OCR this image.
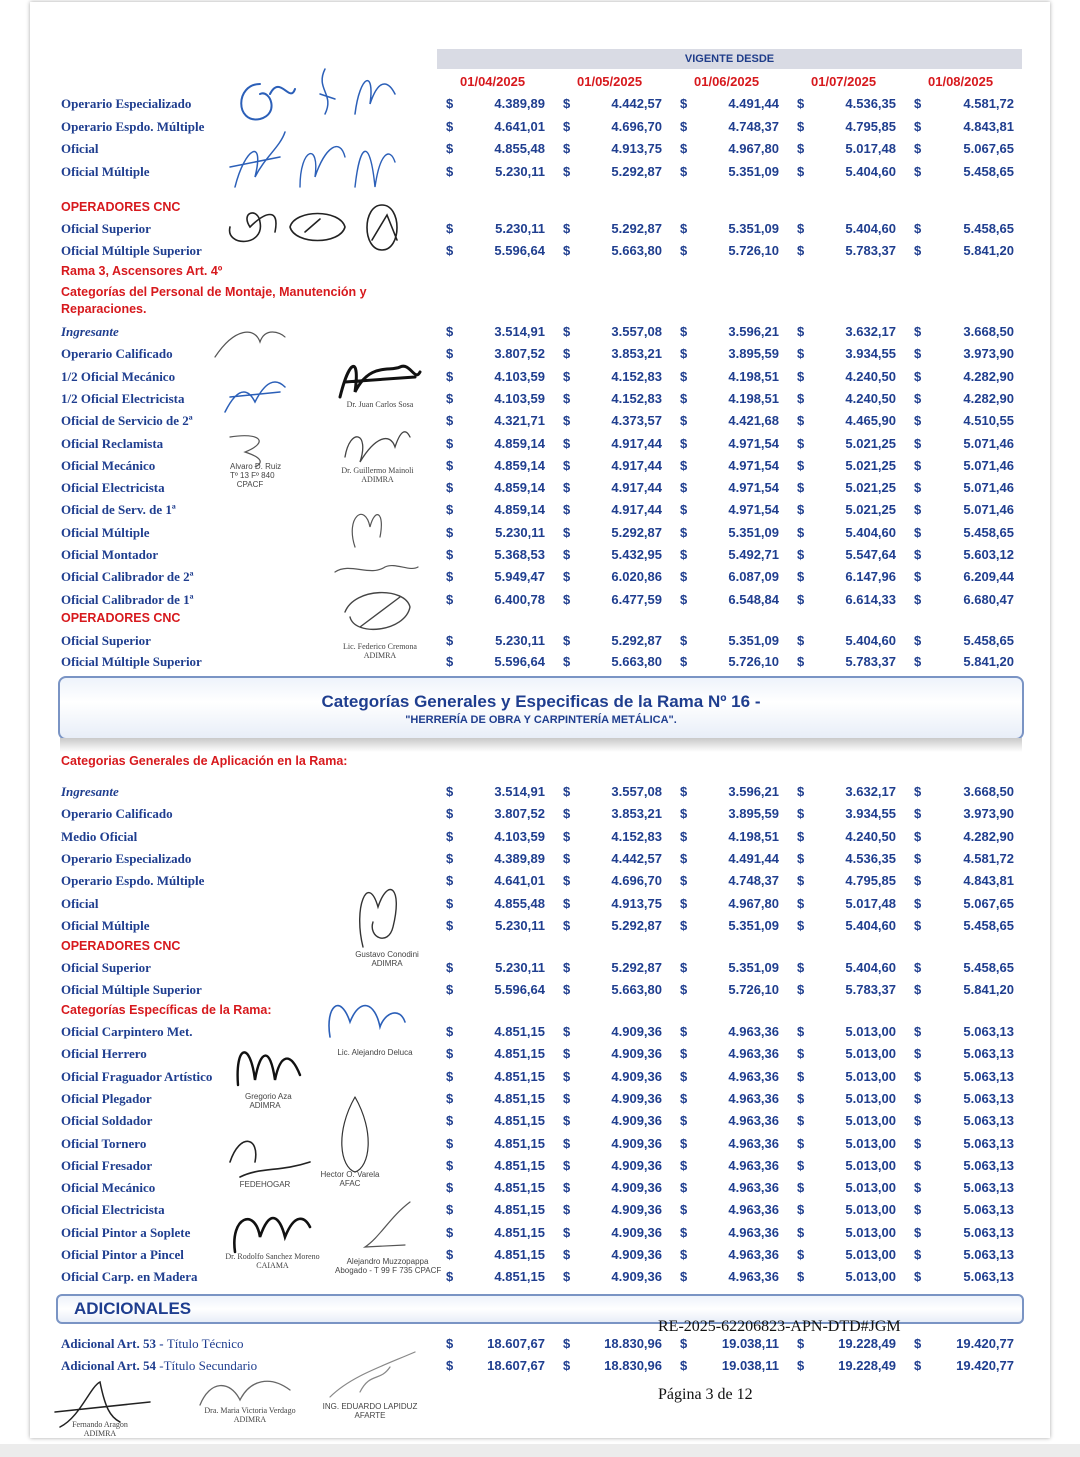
VIGENTE DESDE
01/04/2025	01/05/2025	01/06/2025	01/07/2025	01/08/2025
Operario Especializado	$	4.389,89 $	4.442,57 $	4.491,44 $	4.536,35 $	4.581,72
Operario Espdo. Múltiple	$	4.641,01 $	4.696,70 $	4.748,37 $	4.795,85 $	4.843,81
Oficial	$	4.855,48 $	4.913,75 $	4.967,80 $	5.017,48 $	5.067,65
Oficial Múltiple	$	5.230,11 $	5.292,87 $	5.351,09 $	5.404,60 $	5.458,65
OPERADORES CNC
Oficial Superior	$	5.230,11 $	5.292,87 $	5.351,09 $	5.404,60 $	5.458,65
Oficial Múltiple Superior	$	5.596,64 $	5.663,80 $	5.726,10 $	5.783,37 $	5.841,20
Rama 3, Ascensores Art. 4º
Categorías del Personal de Montaje, Manutención y
Reparaciones.
Ingresante	$	3.514,91 $	3.557,08 $	3.596,21 $	3.632,17 $	3.668,50
Operario Calificado	$	3.807,52 $	3.853,21 $	3.895,59 $	3.934,55 $	3.973,90
1/2 Oficial Mecánico	$	4.103,59 $	4.152,83 $	4.198,51 $	4.240,50 $	4.282,90
1/2 Oficial Electricista	$	4.103,59 $	4.152,83 $	4.198,51 $	4.240,50 $	4.282,90
Oficial de Servicio de 2ª	$	4.321,71 $	4.373,57 $	4.421,68 $	4.465,90 $	4.510,55
Oficial Reclamista	$	4.859,14 $	4.917,44 $	4.971,54 $	5.021,25 $	5.071,46
Oficial Mecánico	$	4.859,14 $	4.917,44 $	4.971,54 $	5.021,25 $	5.071,46
Oficial Electricista	$	4.859,14 $	4.917,44 $	4.971,54 $	5.021,25 $	5.071,46
Oficial de Serv. de 1ª	$	4.859,14 $	4.917,44 $	4.971,54 $	5.021,25 $	5.071,46
Oficial Múltiple	$	5.230,11 $	5.292,87 $	5.351,09 $	5.404,60 $	5.458,65
Oficial Montador	$	5.368,53 $	5.432,95 $	5.492,71 $	5.547,64 $	5.603,12
Oficial Calibrador de 2ª	$	5.949,47 $	6.020,86 $	6.087,09 $	6.147,96 $	6.209,44
Oficial Calibrador de 1ª	$	6.400,78 $	6.477,59 $	6.548,84 $	6.614,33 $	6.680,47
OPERADORES CNC
Oficial Superior	$	5.230,11 $	5.292,87 $	5.351,09 $	5.404,60 $	5.458,65
Oficial Múltiple Superior	$	5.596,64 $	5.663,80 $	5.726,10 $	5.783,37 $	5.841,20
Categorias Generales de Aplicación en la Rama:
Ingresante	$	3.514,91 $	3.557,08 $	3.596,21 $	3.632,17 $	3.668,50
Operario Calificado	$	3.807,52 $	3.853,21 $	3.895,59 $	3.934,55 $	3.973,90
Medio Oficial	$	4.103,59 $	4.152,83 $	4.198,51 $	4.240,50 $	4.282,90
Operario Especializado	$	4.389,89 $	4.442,57 $	4.491,44 $	4.536,35 $	4.581,72
Operario Espdo. Múltiple	$	4.641,01 $	4.696,70 $	4.748,37 $	4.795,85 $	4.843,81
Oficial	$	4.855,48 $	4.913,75 $	4.967,80 $	5.017,48 $	5.067,65
Oficial Múltiple	$	5.230,11 $	5.292,87 $	5.351,09 $	5.404,60 $	5.458,65
OPERADORES CNC
Oficial Superior	$	5.230,11 $	5.292,87 $	5.351,09 $	5.404,60 $	5.458,65
Oficial Múltiple Superior	$	5.596,64 $	5.663,80 $	5.726,10 $	5.783,37 $	5.841,20
Categorías Específicas de la Rama:
Oficial Carpintero Met.	$	4.851,15 $	4.909,36 $	4.963,36 $	5.013,00 $	5.063,13
Oficial Herrero	$	4.851,15 $	4.909,36 $	4.963,36 $	5.013,00 $	5.063,13
Oficial Fraguador Artístico	$	4.851,15 $	4.909,36 $	4.963,36 $	5.013,00 $	5.063,13
Oficial Plegador	$	4.851,15 $	4.909,36 $	4.963,36 $	5.013,00 $	5.063,13
Oficial Soldador	$	4.851,15 $	4.909,36 $	4.963,36 $	5.013,00 $	5.063,13
Oficial Tornero	$	4.851,15 $	4.909,36 $	4.963,36 $	5.013,00 $	5.063,13
Oficial Fresador	$	4.851,15 $	4.909,36 $	4.963,36 $	5.013,00 $	5.063,13
Oficial Mecánico	$	4.851,15 $	4.909,36 $	4.963,36 $	5.013,00 $	5.063,13
Oficial Electricista	$	4.851,15 $	4.909,36 $	4.963,36 $	5.013,00 $	5.063,13
Oficial Pintor a Soplete	$	4.851,15 $	4.909,36 $	4.963,36 $	5.013,00 $	5.063,13
Oficial Pintor a Pincel	$	4.851,15 $	4.909,36 $	4.963,36 $	5.013,00 $	5.063,13
Oficial Carp. en Madera	$	4.851,15 $	4.909,36 $	4.963,36 $	5.013,00 $	5.063,13
Adicional Art. 53 - Título Técnico	$	18.607,67 $	18.830,96 $	19.038,11 $	19.228,49 $	19.420,77
Adicional Art. 54 -Título Secundario	$	18.607,67 $	18.830,96 $	19.038,11 $	19.228,49 $	19.420,77
Categorías Generales y Especificas de la Rama Nº 16 -
"HERRERÍA DE OBRA Y CARPINTERÍA METÁLICA".
ADICIONALES
RE-2025-62206823-APN-DTD#JGM
Página 3 de 12
Dr. Juan Carlos Sosa
Alvaro D. Ruiz
Tº 13 Fº 840
CPACF
Dr. Guillermo Mainoli
ADIMRA
Lic. Federico Cremona
ADIMRA
Gustavo Conodini
ADIMRA
Lic. Alejandro Deluca
Gregorio Aza
ADIMRA
Hector O. Varela
AFAC
FEDEHOGAR
Dr. Rodolfo Sanchez Moreno
CAIAMA	Alejandro Muzzopappa
Abogado - T 99 F 735 CPACF
Fernando Aragon
ADIMRA
Dra. Maria Victoria Verdago
ADIMRA
ING. EDUARDO LAPIDUZ
AFARTE
